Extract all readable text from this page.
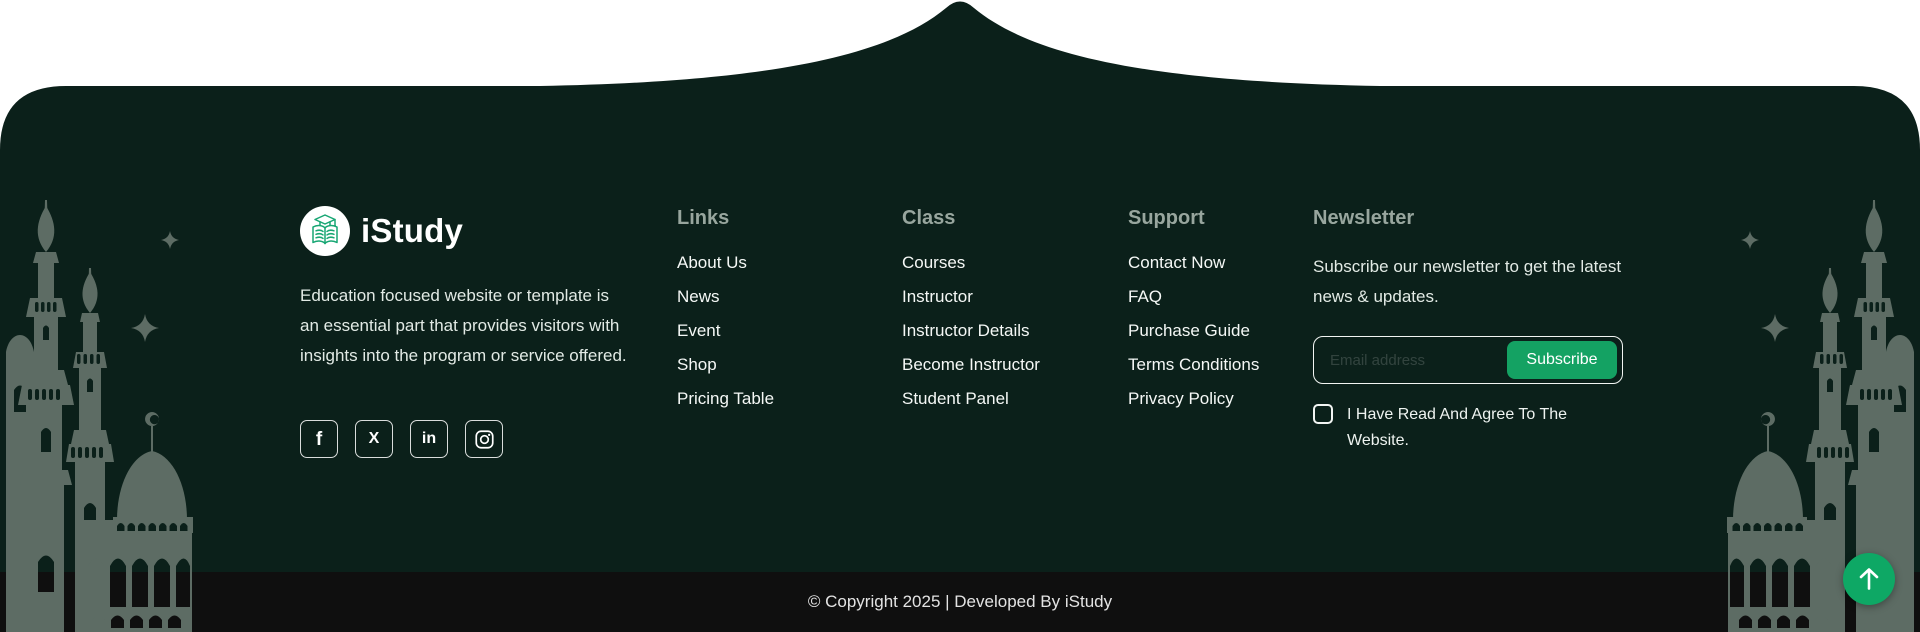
iStudy

Education focused website or template is an essential part that provides visitors with insights into the program or service offered.

f	X	in
Links
About Us
News
Event
Shop
Pricing Table
Class
Courses
Instructor
Instructor Details
Become Instructor
Student Panel
Support
Contact Now
FAQ
Purchase Guide
Terms Conditions
Privacy Policy
Newsletter

Subscribe our newsletter to get the latest news & updates.

Email address
Subscribe
I Have Read And Agree To The Website.
© Copyright 2025 | Developed By iStudy
